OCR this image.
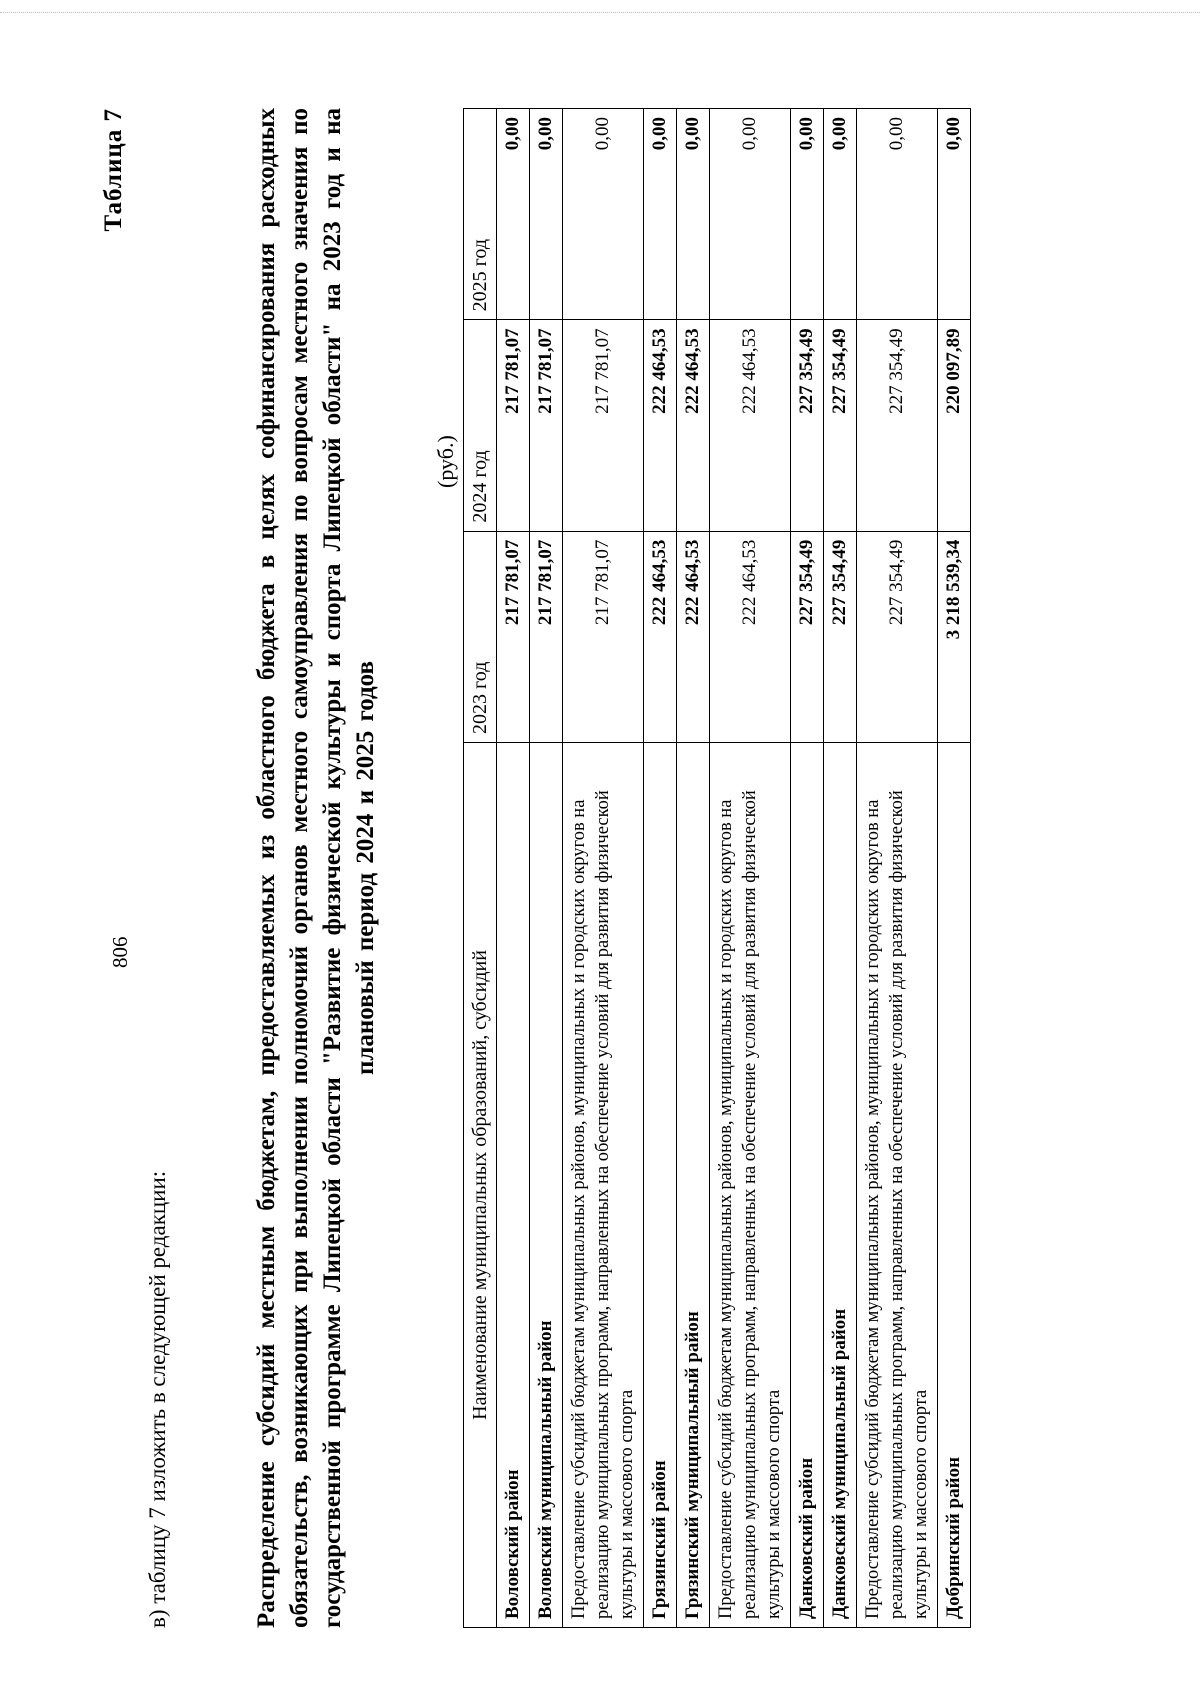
806
в) таблицу 7 изложить в следующей редакции:
Таблица 7	Распределение субсидий местным бюджетам, предоставляемых из областного бюджета в целях софинансирования расходных обязательств, возникающих при выполнении полномочий органов местного самоуправления по вопросам местного значения по государственной программе Липецкой области "Развитие физической культуры и спорта Липецкой области" на 2023 год и на плановый период 2024 и 2025 годов
(руб.)
Наименование муниципальных образований, субсидий	2023 год	2024 год	2025 год
Воловский район	217 781,07	217 781,07	0,00
Воловский муниципальный район	217 781,07	217 781,07	0,00
Предоставление субсидий бюджетам муниципальных районов, муниципальных и городских округов на реализацию муниципальных программ, направленных на обеспечение условий для развития физической культуры и массового спорта	217 781,07	217 781,07	0,00
Грязинский район	222 464,53	222 464,53	0,00
Грязинский муниципальный район	222 464,53	222 464,53	0,00
Предоставление субсидий бюджетам муниципальных районов, муниципальных и городских округов на реализацию муниципальных программ, направленных на обеспечение условий для развития физической культуры и массового спорта	222 464,53	222 464,53	0,00
Данковский район	227 354,49	227 354,49	0,00
Данковский муниципальный район	227 354,49	227 354,49	0,00
Предоставление субсидий бюджетам муниципальных районов, муниципальных и городских округов на реализацию муниципальных программ, направленных на обеспечение условий для развития физической культуры и массового спорта	227 354,49	227 354,49	0,00
Добринский район	3 218 539,34	220 097,89	0,00
